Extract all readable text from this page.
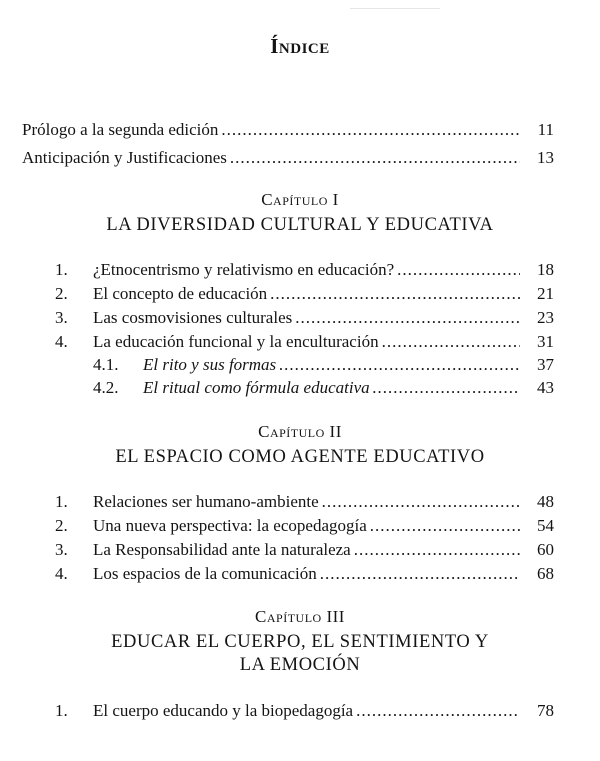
Índice
Prólogo a la segunda edición .....	11
Anticipación y Justificaciones .....	13
Capítulo I
LA DIVERSIDAD CULTURAL Y EDUCATIVA
1. ¿Etnocentrismo y relativismo en educación? .....	18
2. El concepto de educación .....	21
3. Las cosmovisiones culturales .....	23
4. La educación funcional y la enculturación .....	31
4.1. El rito y sus formas .....	37
4.2. El ritual como fórmula educativa .....	43
Capítulo II
EL ESPACIO COMO AGENTE EDUCATIVO
1. Relaciones ser humano-ambiente .....	48
2. Una nueva perspectiva: la ecopedagogía .....	54
3. La Responsabilidad ante la naturaleza .....	60
4. Los espacios de la comunicación .....	68
Capítulo III
EDUCAR EL CUERPO, EL SENTIMIENTO Y
LA EMOCIÓN
1. El cuerpo educando y la biopedagogía .....	78
